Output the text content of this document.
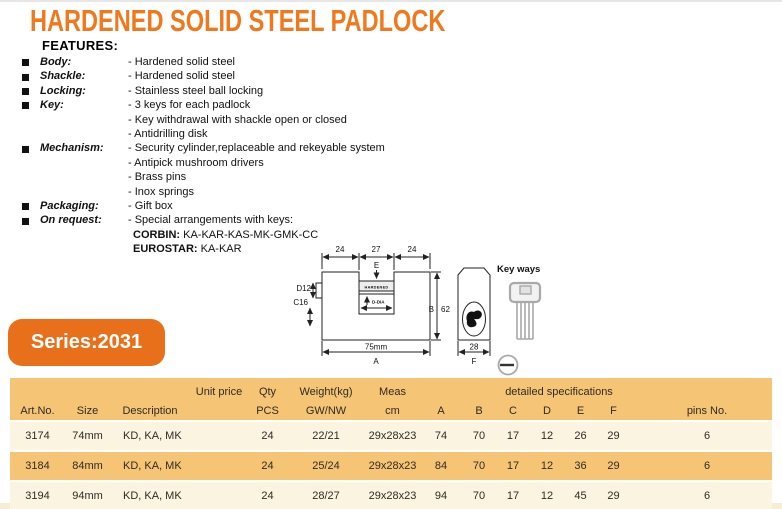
HARDENED SOLID STEEL PADLOCK
FEATURES:
Body:	- Hardened solid steel
Shackle:	- Hardened solid steel
Locking:	- Stainless steel ball locking
Key:	- 3 keys for each padlock
- Key withdrawal with shackle open or closed
- Antidrilling disk
Mechanism:	- Security cylinder,replaceable and rekeyable system
- Antipick mushroom drivers
- Brass pins
- Inox springs
Packaging:	- Gift box
On request:	- Special arrangements with keys:
CORBIN: KA-KAR-KAS-MK-GMK-CC
EUROSTAR: KA-KAR	24	27	24
E
HARDENED
D-DIA
D12
C16
B 62
75mm
A
28
F
Key ways
Series:2031
Unit price	Qty	Weight(kg)	Meas	detailed specifications
Art.No.	Size	Description	PCS	GW/NW	cm	A	B	C	D	E	F	pins No.
3174	74mm	KD, KA, MK	24	22/21	29x28x23	74	70	17	12	26	29	6
3184	84mm	KD, KA, MK	24	25/24	29x28x23	84	70	17	12	36	29	6
3194	94mm	KD, KA, MK	24	28/27	29x28x23	94	70	17	12	45	29	6
